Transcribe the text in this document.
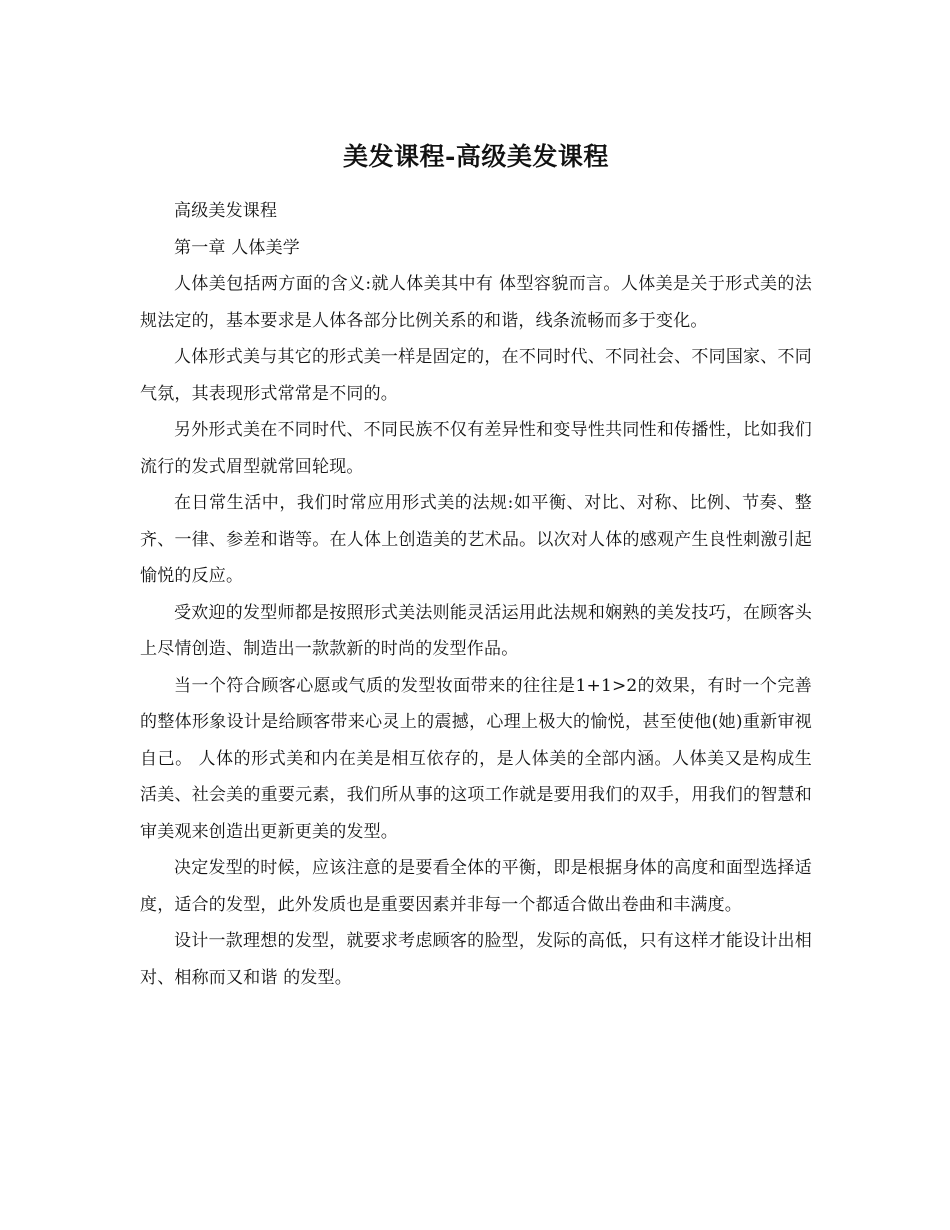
美发课程-高级美发课程

高级美发课程

第一章 人体美学

人体美包括两方面的含义:就人体美其中有 体型容貌而言。人体美是关于形式美的法规法定的，基本要求是人体各部分比例关系的和谐，线条流畅而多于变化。

人体形式美与其它的形式美一样是固定的，在不同时代、不同社会、不同国家、不同气氛，其表现形式常常是不同的。

另外形式美在不同时代、不同民族不仅有差异性和变导性共同性和传播性，比如我们流行的发式眉型就常回轮现。

在日常生活中，我们时常应用形式美的法规:如平衡、对比、对称、比例、节奏、整齐、一律、参差和谐等。在人体上创造美的艺术品。以次对人体的感观产生良性刺激引起愉悦的反应。

受欢迎的发型师都是按照形式美法则能灵活运用此法规和娴熟的美发技巧，在顾客头上尽情创造、制造出一款款新的时尚的发型作品。

当一个符合顾客心愿或气质的发型妆面带来的往往是1+1>2的效果，有时一个完善的整体形象设计是给顾客带来心灵上的震撼，心理上极大的愉悦，甚至使他(她)重新审视自己。 人体的形式美和内在美是相互依存的，是人体美的全部内涵。人体美又是构成生活美、社会美的重要元素，我们所从事的这项工作就是要用我们的双手，用我们的智慧和审美观来创造出更新更美的发型。

决定发型的时候，应该注意的是要看全体的平衡，即是根据身体的高度和面型选择适度，适合的发型，此外发质也是重要因素并非每一个都适合做出卷曲和丰满度。

设计一款理想的发型，就要求考虑顾客的脸型，发际的高低，只有这样才能设计出相对、相称而又和谐 的发型。
